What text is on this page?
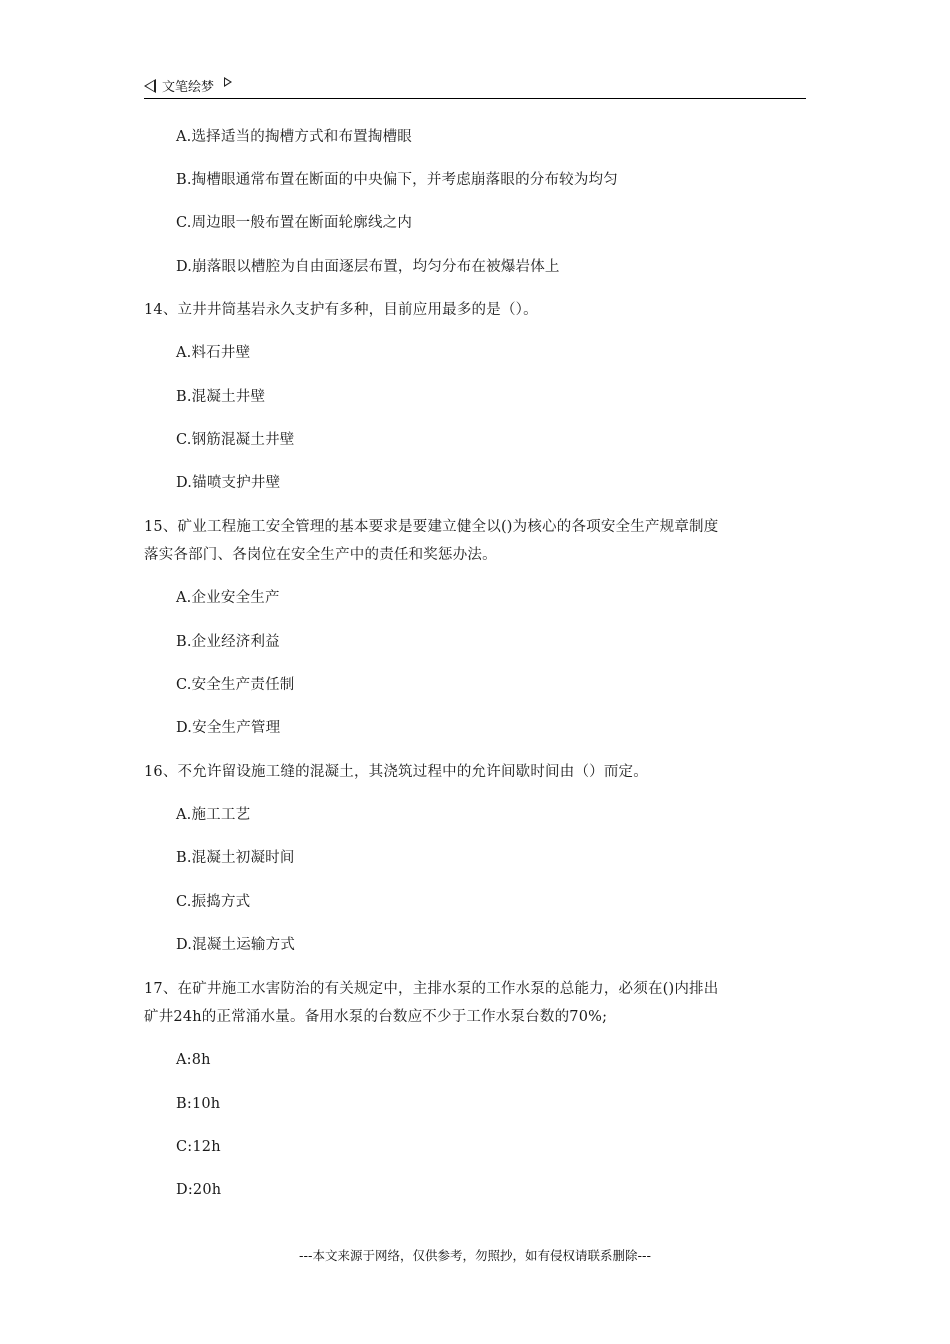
文笔绘梦
A.选择适当的掏槽方式和布置掏槽眼
B.掏槽眼通常布置在断面的中央偏下，并考虑崩落眼的分布较为均匀
C.周边眼一般布置在断面轮廓线之内
D.崩落眼以槽腔为自由面逐层布置，均匀分布在被爆岩体上
14、立井井筒基岩永久支护有多种，目前应用最多的是（）。
A.料石井壁
B.混凝土井壁
C.钢筋混凝土井壁
D.锚喷支护井壁
15、矿业工程施工安全管理的基本要求是要建立健全以()为核心的各项安全生产规章制度
落实各部门、各岗位在安全生产中的责任和奖惩办法。
A.企业安全生产
B.企业经济利益
C.安全生产责任制
D.安全生产管理
16、不允许留设施工缝的混凝土，其浇筑过程中的允许间歇时间由（）而定。
A.施工工艺
B.混凝土初凝时间
C.振捣方式
D.混凝土运输方式
17、在矿井施工水害防治的有关规定中，主排水泵的工作水泵的总能力，必须在()内排出
矿井24h的正常涌水量。备用水泵的台数应不少于工作水泵台数的70%;
A:8h
B:10h
C:12h
D:20h
---本文来源于网络，仅供参考，勿照抄，如有侵权请联系删除---
